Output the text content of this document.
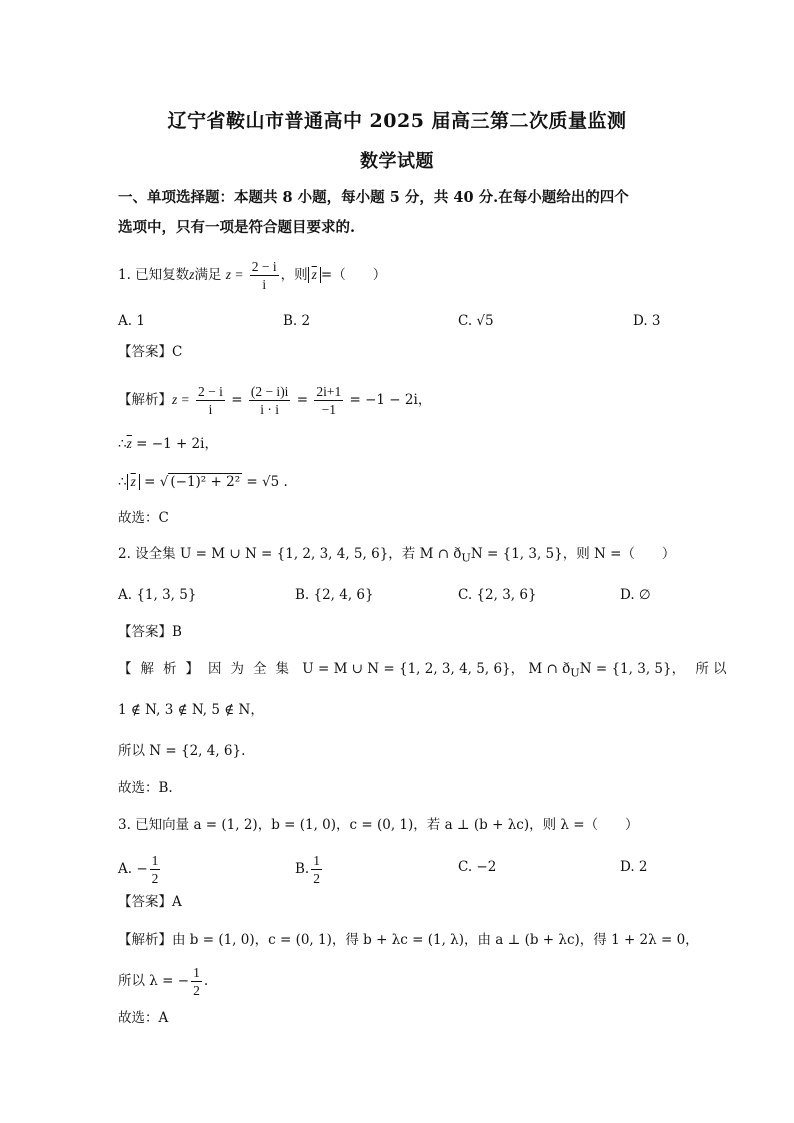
辽宁省鞍山市普通高中 2025 届高三第二次质量监测
数学试题
一、单项选择题：本题共 8 小题，每小题 5 分，共 40 分.在每小题给出的四个
选项中，只有一项是符合题目要求的.
1. 已知复数z满足 $z = \frac{2 - i}{i}$ ，则 $\overline{z}$ =（　　）
A. 1	B. 2	C. √5	D. 3
【答案】C
【解析】$z = \frac{2 - i}{i} = \frac{(2 - i)i}{i \cdot i} = \frac{2i+1}{-1} = -1 - 2i$，
$\therefore\overline{z} = -1 + 2i$，
∴ $\overline{z}$ = √ (−1)² + 2² = √5 .
故选：C
2. 设全集 U = M ∪ N = {1, 2, 3, 4, 5, 6}，若 M ∩ $ð_UN = \{1$, 3, 5}，则 N =（　　）
A. {1, 3, 5}	B. {2, 4, 6}	C. {2, 3, 6}	D. ∅
【答案】B
【解析】因为全集 U = M ∪ N = {1, 2, 3, 4, 5, 6}， M ∩ $ð_UN = \{1$, 3, 5}， 所 以
1 ∉ N, 3 ∉ N, 5 ∉ N，
所以 N = {2, 4, 6}.
故选：B.
3. 已知向量 a = (1, 2)，b = (1, 0)，c = (0, 1)，若 a ⊥ (b + λc)，则 λ =（　　）
A. − $\frac{1}{2}$	B. $\frac{1}{2}$	C. −2	D. 2
【答案】A
【解析】由 b = (1, 0)，c = (0, 1)，得 b + λc = (1, λ)，由 a ⊥ (b + λc)，得 1 + 2λ = 0，
所以 λ = − $\frac{1}{2}$ .
故选：A
